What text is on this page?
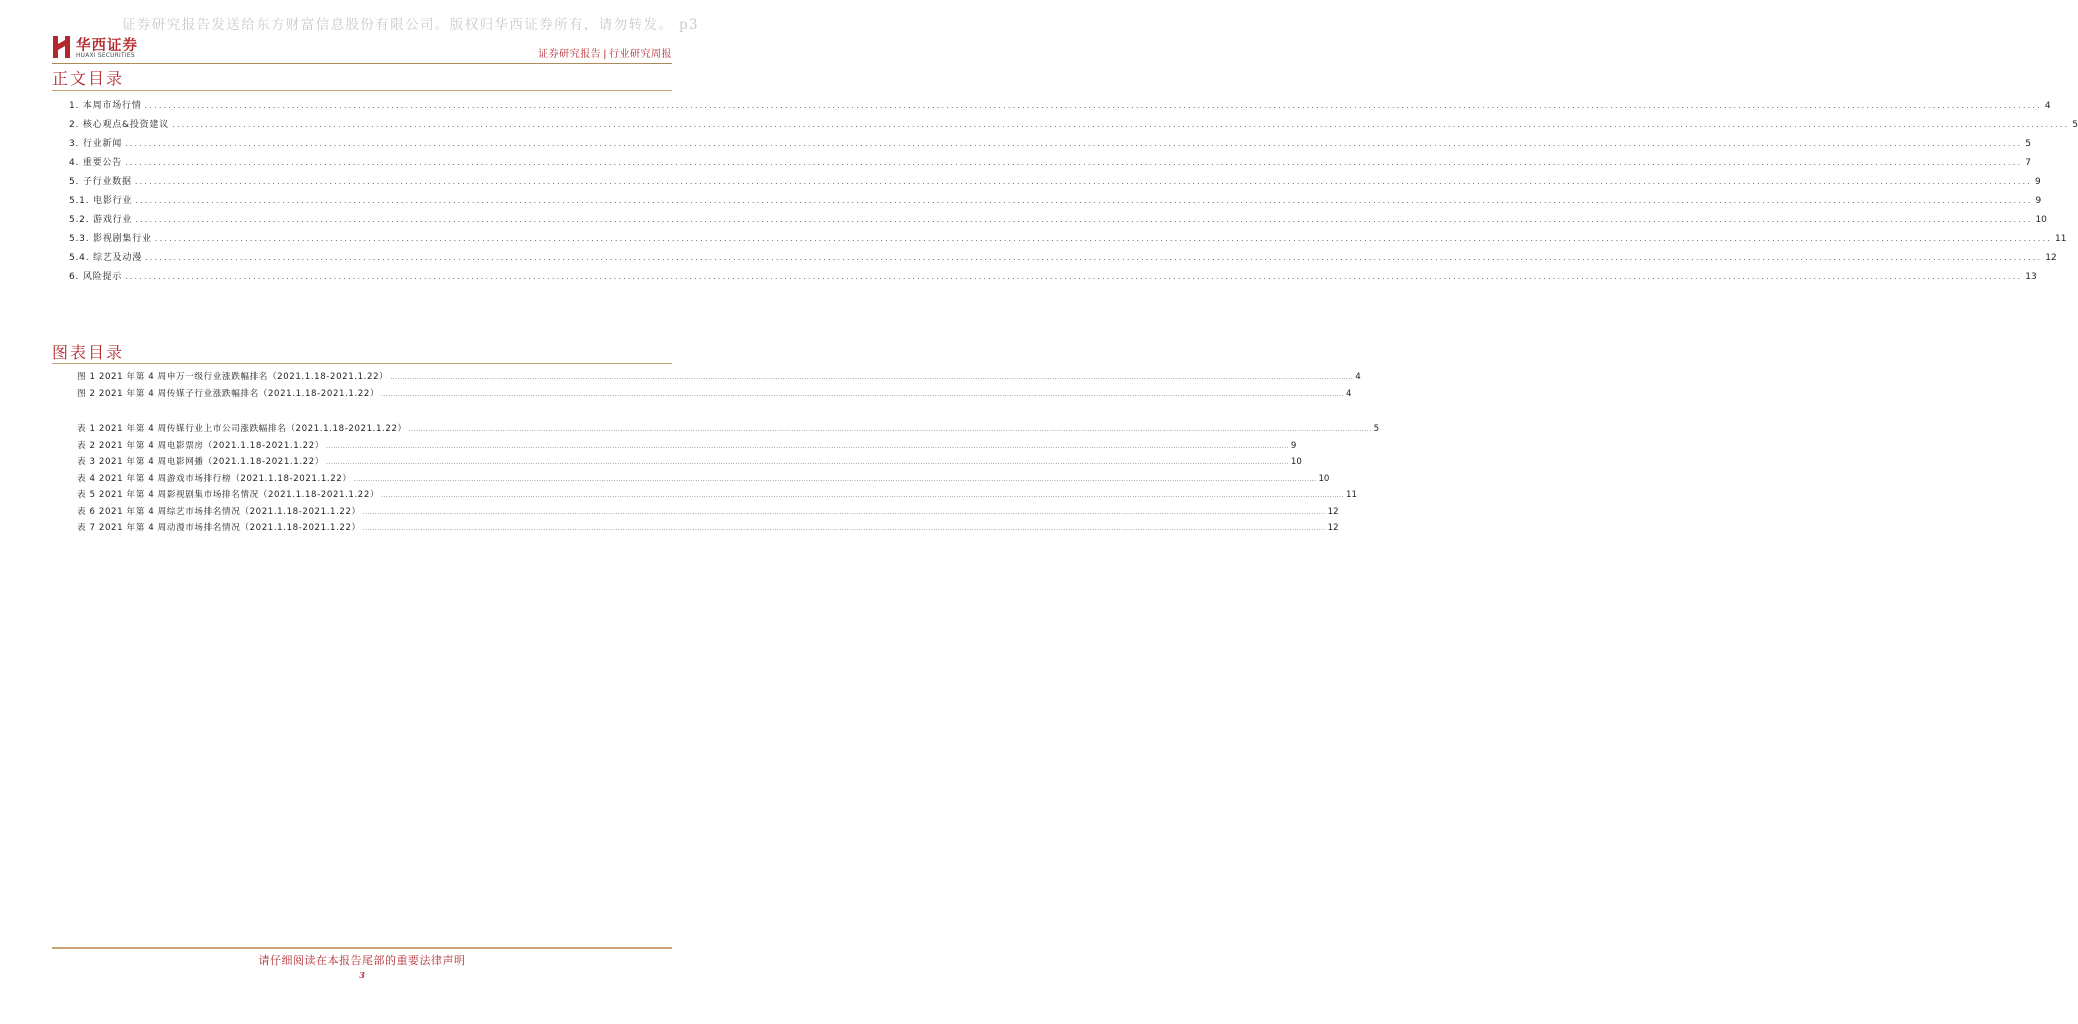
证券研究报告发送给东方财富信息股份有限公司。版权归华西证券所有，请勿转发。 p3
华西证券
HUAXI SECURITIES	证券研究报告 | 行业研究周报
正文目录
1. 本周市场行情 ................................................................................................................................................................................................................................................................................................................................................................................................................ 4
2. 核心观点&投资建议 ................................................................................................................................................................................................................................................................................................................................................................................................................ 5
3. 行业新闻 ................................................................................................................................................................................................................................................................................................................................................................................................................ 5
4. 重要公告 ................................................................................................................................................................................................................................................................................................................................................................................................................ 7
5. 子行业数据 ................................................................................................................................................................................................................................................................................................................................................................................................................ 9
5.1. 电影行业 ................................................................................................................................................................................................................................................................................................................................................................................................................ 9
5.2. 游戏行业 ................................................................................................................................................................................................................................................................................................................................................................................................................ 10
5.3. 影视剧集行业 ................................................................................................................................................................................................................................................................................................................................................................................................................ 11
5.4. 综艺及动漫 ................................................................................................................................................................................................................................................................................................................................................................................................................ 12
6. 风险提示 ................................................................................................................................................................................................................................................................................................................................................................................................................ 13
图表目录
图 1 2021 年第 4 周申万一级行业涨跌幅排名（2021.1.18-2021.1.22） ................................................................................................................................................................................................................................................................................................................................................................................................................ 4
图 2 2021 年第 4 周传媒子行业涨跌幅排名（2021.1.18-2021.1.22） ................................................................................................................................................................................................................................................................................................................................................................................................................ 4
表 1 2021 年第 4 周传媒行业上市公司涨跌幅排名（2021.1.18-2021.1.22） ................................................................................................................................................................................................................................................................................................................................................................................................................ 5
表 2 2021 年第 4 周电影票房（2021.1.18-2021.1.22） ................................................................................................................................................................................................................................................................................................................................................................................................................ 9
表 3 2021 年第 4 周电影网播（2021.1.18-2021.1.22） ................................................................................................................................................................................................................................................................................................................................................................................................................ 10
表 4 2021 年第 4 周游戏市场排行榜（2021.1.18-2021.1.22） ................................................................................................................................................................................................................................................................................................................................................................................................................ 10
表 5 2021 年第 4 周影视剧集市场排名情况（2021.1.18-2021.1.22） ................................................................................................................................................................................................................................................................................................................................................................................................................ 11
表 6 2021 年第 4 周综艺市场排名情况（2021.1.18-2021.1.22） ................................................................................................................................................................................................................................................................................................................................................................................................................ 12
表 7 2021 年第 4 周动漫市场排名情况（2021.1.18-2021.1.22） ................................................................................................................................................................................................................................................................................................................................................................................................................ 12
请仔细阅读在本报告尾部的重要法律声明
3
